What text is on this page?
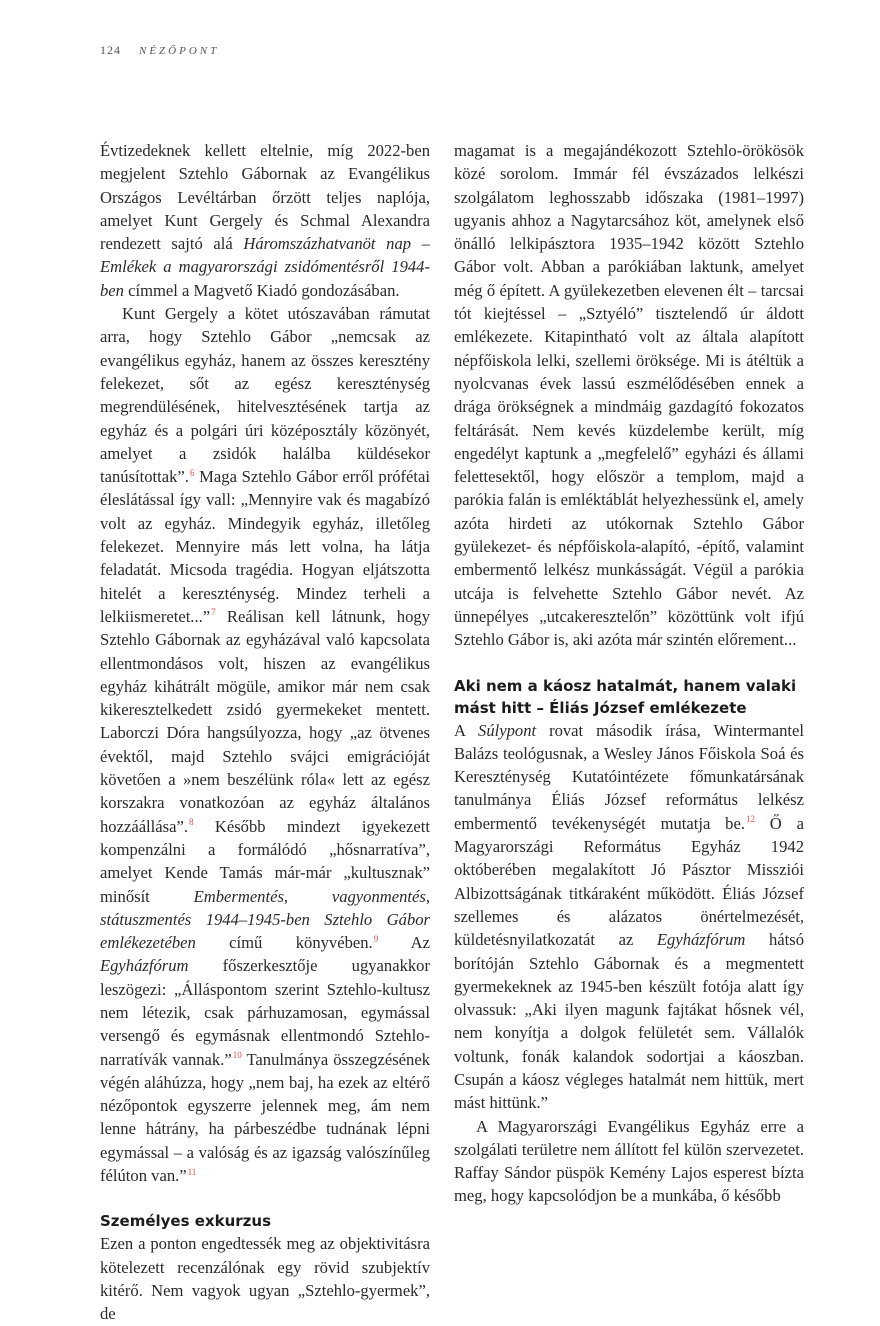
124 NÉZŐPONT

Évtizedeknek kellett eltelnie, míg 2022-ben megjelent Sztehlo Gábornak az Evangélikus Országos Levéltárban őrzött teljes naplója, amelyet Kunt Gergely és Schmal Alexandra rendezett sajtó alá Háromszázhatvanöt nap – Emlékek a magyarországi zsidómentésről 1944-ben címmel a Magvető Kiadó gondozásában.

Kunt Gergely a kötet utószavában rámutat arra, hogy Sztehlo Gábor „nemcsak az evangélikus egyház, hanem az összes keresztény felekezet, sőt az egész kereszténység megrendülésének, hitelvesztésének tartja az egyház és a polgári úri középosztály közönyét, amelyet a zsidók halálba küldésekor tanúsítottak”.$^6$ Maga Sztehlo Gábor erről prófétai éleslátással így vall: „Mennyire vak és magabízó volt az egyház. Mindegyik egyház, illetőleg felekezet. Mennyire más lett volna, ha látja feladatát. Micsoda tragédia. Hogyan eljátszotta hitelét a kereszténység. Mindez terheli a lelkiismeretet...”$^7$ Reálisan kell látnunk, hogy Sztehlo Gábornak az egyházával való kapcsolata ellentmondásos volt, hiszen az evangélikus egyház kihátrált mögüle, amikor már nem csak kikeresztelkedett zsidó gyermekeket mentett. Laborczi Dóra hangsúlyozza, hogy „az ötvenes évektől, majd Sztehlo svájci emigrációját követően a »nem beszélünk róla« lett az egész korszakra vonatkozóan az egyház általános hozzáállása”.$^8$ Később mindezt igyekezett kompenzálni a formálódó „hősnarratíva”, amelyet Kende Tamás már-már „kultusznak” minősít Embermentés, vagyonmentés, státuszmentés 1944–1945-ben Sztehlo Gábor emlékezetében című könyvében.$^9$ Az Egyházfórum főszerkesztője ugyanakkor leszögezi: „Álláspontom szerint Sztehlo-kultusz nem létezik, csak párhuzamosan, egymással versengő és egymásnak ellentmondó Sztehlo-narratívák vannak.”$^{10}$ Tanulmánya összegzésének végén aláhúzza, hogy „nem baj, ha ezek az eltérő nézőpontok egyszerre jelennek meg, ám nem lenne hátrány, ha párbeszédbe tudnának lépni egymással – a valóság és az igazság valószínűleg félúton van.”$^{11}$

Személyes exkurzus

Ezen a ponton engedtessék meg az objektivitásra kötelezett recenzálónak egy rövid szubjektív kitérő. Nem vagyok ugyan „Sztehlo-gyermek”, de

magamat is a megajándékozott Sztehlo-örökösök közé sorolom. Immár fél évszázados lelkészi szolgálatom leghosszabb időszaka (1981–1997) ugyanis ahhoz a Nagytarcsához köt, amelynek első önálló lelkipásztora 1935–1942 között Sztehlo Gábor volt. Abban a parókiában laktunk, amelyet még ő épített. A gyülekezetben elevenen élt – tarcsai tót kiejtéssel – „Sztyéló” tisztelendő úr áldott emlékezete. Kitapintható volt az általa alapított népfőiskola lelki, szellemi öröksége. Mi is átéltük a nyolcvanas évek lassú eszmélődésében ennek a drága örökségnek a mindmáig gazdagító fokozatos feltárását. Nem kevés küzdelembe került, míg engedélyt kaptunk a „megfelelő” egyházi és állami felettesektől, hogy először a templom, majd a parókia falán is emléktáblát helyezhessünk el, amely azóta hirdeti az utókornak Sztehlo Gábor gyülekezet- és népfőiskola-alapító, -építő, valamint embermentő lelkész munkásságát. Végül a parókia utcája is felvehette Sztehlo Gábor nevét. Az ünnepélyes „utcakeresztelőn” közöttünk volt ifjú Sztehlo Gábor is, aki azóta már szintén előrement...

Aki nem a káosz hatalmát, hanem valaki mást hitt – Éliás József emlékezete

A Súlypont rovat második írása, Wintermantel Balázs teológusnak, a Wesley János Főiskola Soá és Kereszténység Kutatóintézete főmunkatársának tanulmánya Éliás József református lelkész embermentő tevékenységét mutatja be.$^{12}$ Ő a Magyarországi Református Egyház 1942 októberében megalakított Jó Pásztor Missziói Albizottságának titkáraként működött. Éliás József szellemes és alázatos önértelmezését, küldetésnyilatkozatát az Egyházfórum hátsó borítóján Sztehlo Gábornak és a megmentett gyermekeknek az 1945-ben készült fotója alatt így olvassuk: „Aki ilyen magunk fajtákat hősnek vél, nem konyítja a dolgok felületét sem. Vállalók voltunk, fonák kalandok sodortjai a káoszban. Csupán a káosz végleges hatalmát nem hittük, mert mást hittünk.”

A Magyarországi Evangélikus Egyház erre a szolgálati területre nem állított fel külön szervezetet. Raffay Sándor püspök Kemény Lajos esperest bízta meg, hogy kapcsolódjon be a munkába, ő később
